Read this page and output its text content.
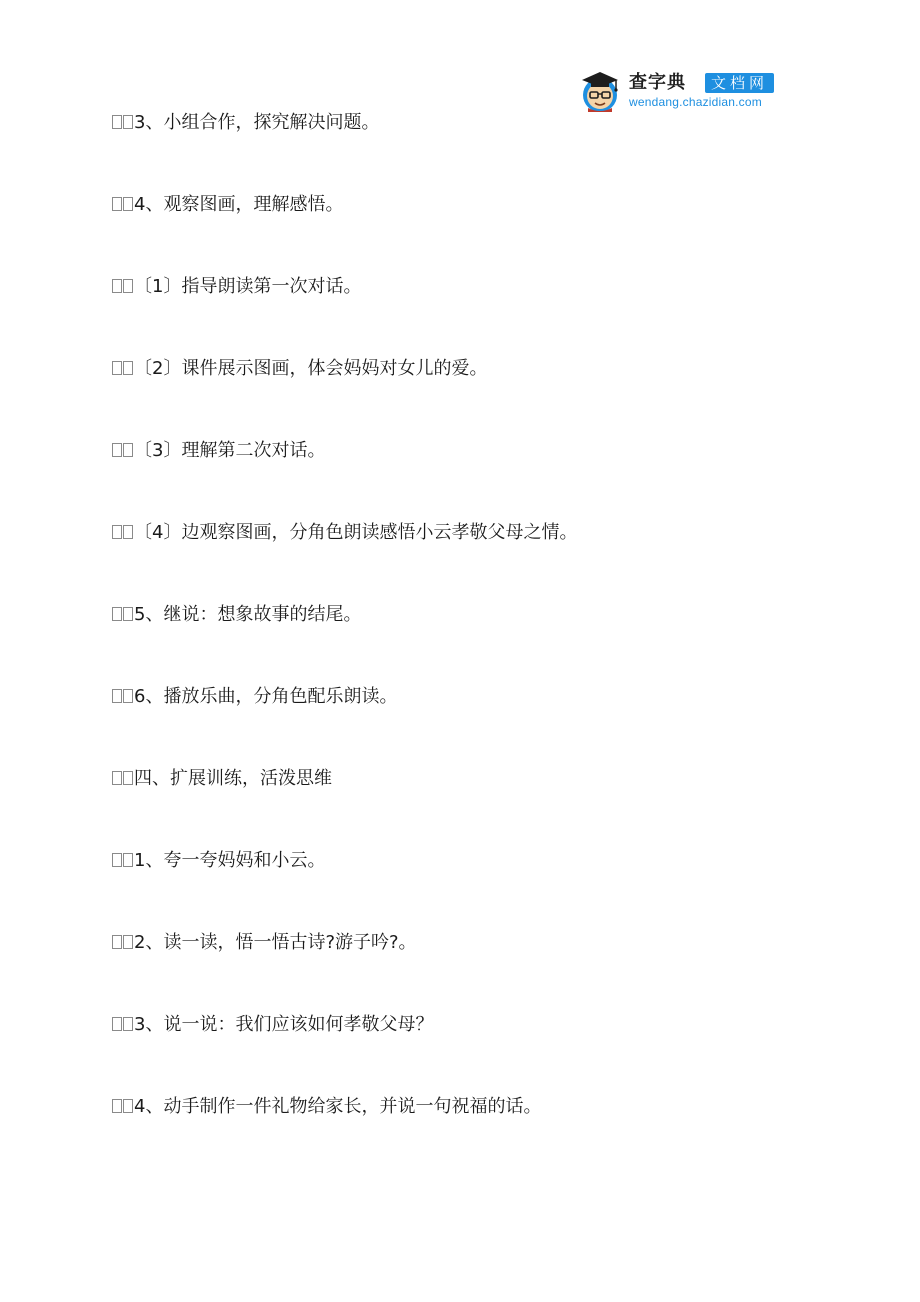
查字典	文档网
wendang.chazidian.com
3、小组合作，探究解决问题。
4、观察图画，理解感悟。
〔1〕指导朗读第一次对话。
〔2〕课件展示图画，体会妈妈对女儿的爱。
〔3〕理解第二次对话。
〔4〕边观察图画，分角色朗读感悟小云孝敬父母之情。
5、继说：想象故事的结尾。
6、播放乐曲，分角色配乐朗读。
四、扩展训练，活泼思维
1、夸一夸妈妈和小云。
2、读一读，悟一悟古诗?游子吟?。
3、说一说：我们应该如何孝敬父母？
4、动手制作一件礼物给家长，并说一句祝福的话。
